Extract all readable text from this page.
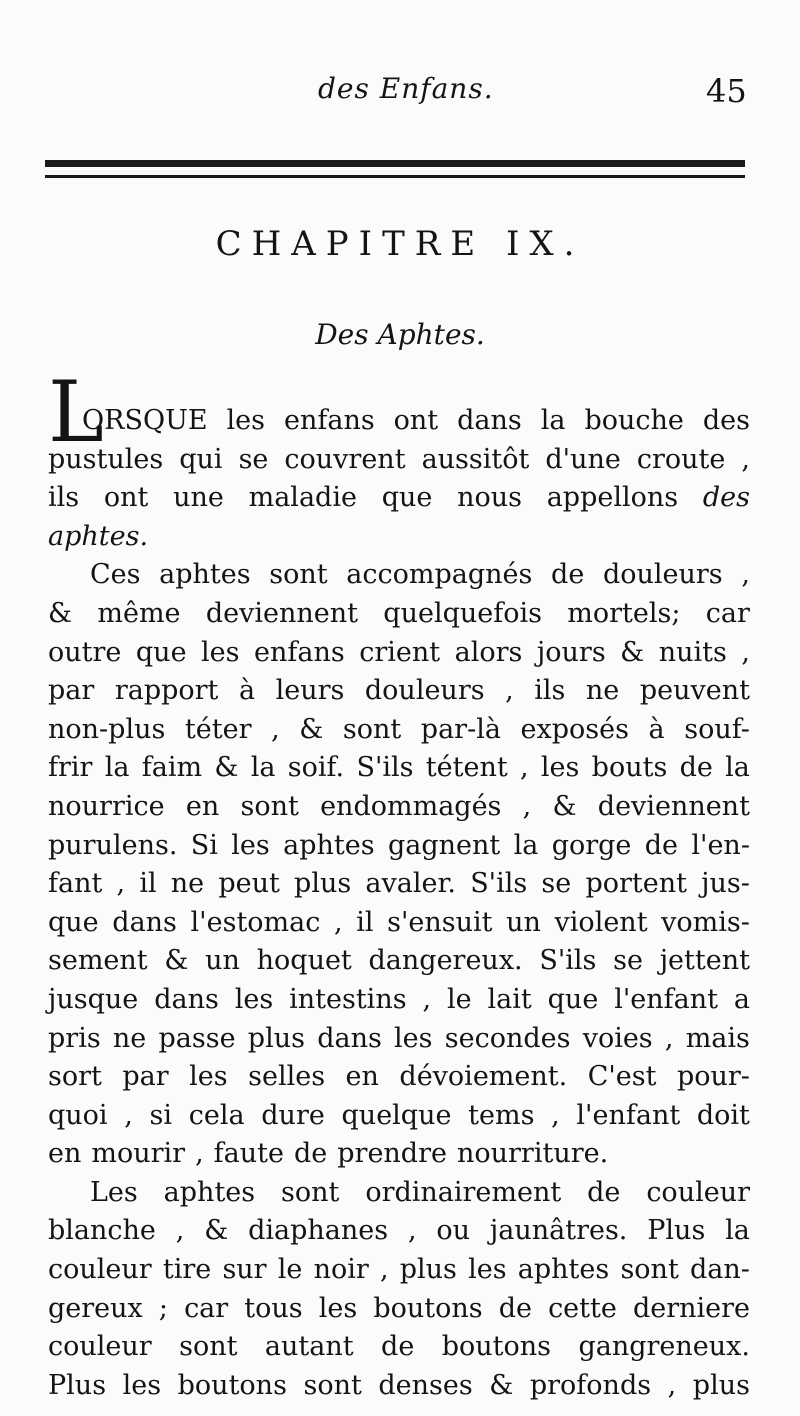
des Enfans.	45
CHAPITRE IX.
Des Aphtes.
L
ORSQUE les enfans ont dans la bouche des
pustules qui se couvrent aussitôt d'une croute ,
ils ont une maladie que nous appellons des
aphtes.
Ces aphtes sont accompagnés de douleurs ,
& même deviennent quelquefois mortels; car
outre que les enfans crient alors jours & nuits ,
par rapport à leurs douleurs , ils ne peuvent
non-plus téter , & sont par-là exposés à souf-
frir la faim & la soif. S'ils tétent , les bouts de la
nourrice en sont endommagés , & deviennent
purulens. Si les aphtes gagnent la gorge de l'en-
fant , il ne peut plus avaler. S'ils se portent jus-
que dans l'estomac , il s'ensuit un violent vomis-
sement & un hoquet dangereux. S'ils se jettent
jusque dans les intestins , le lait que l'enfant a
pris ne passe plus dans les secondes voies , mais
sort par les selles en dévoiement. C'est pour-
quoi , si cela dure quelque tems , l'enfant doit
en mourir , faute de prendre nourriture.
Les aphtes sont ordinairement de couleur
blanche , & diaphanes , ou jaunâtres. Plus la
couleur tire sur le noir , plus les aphtes sont dan-
gereux ; car tous les boutons de cette derniere
couleur sont autant de boutons gangreneux.
Plus les boutons sont denses & profonds , plus
